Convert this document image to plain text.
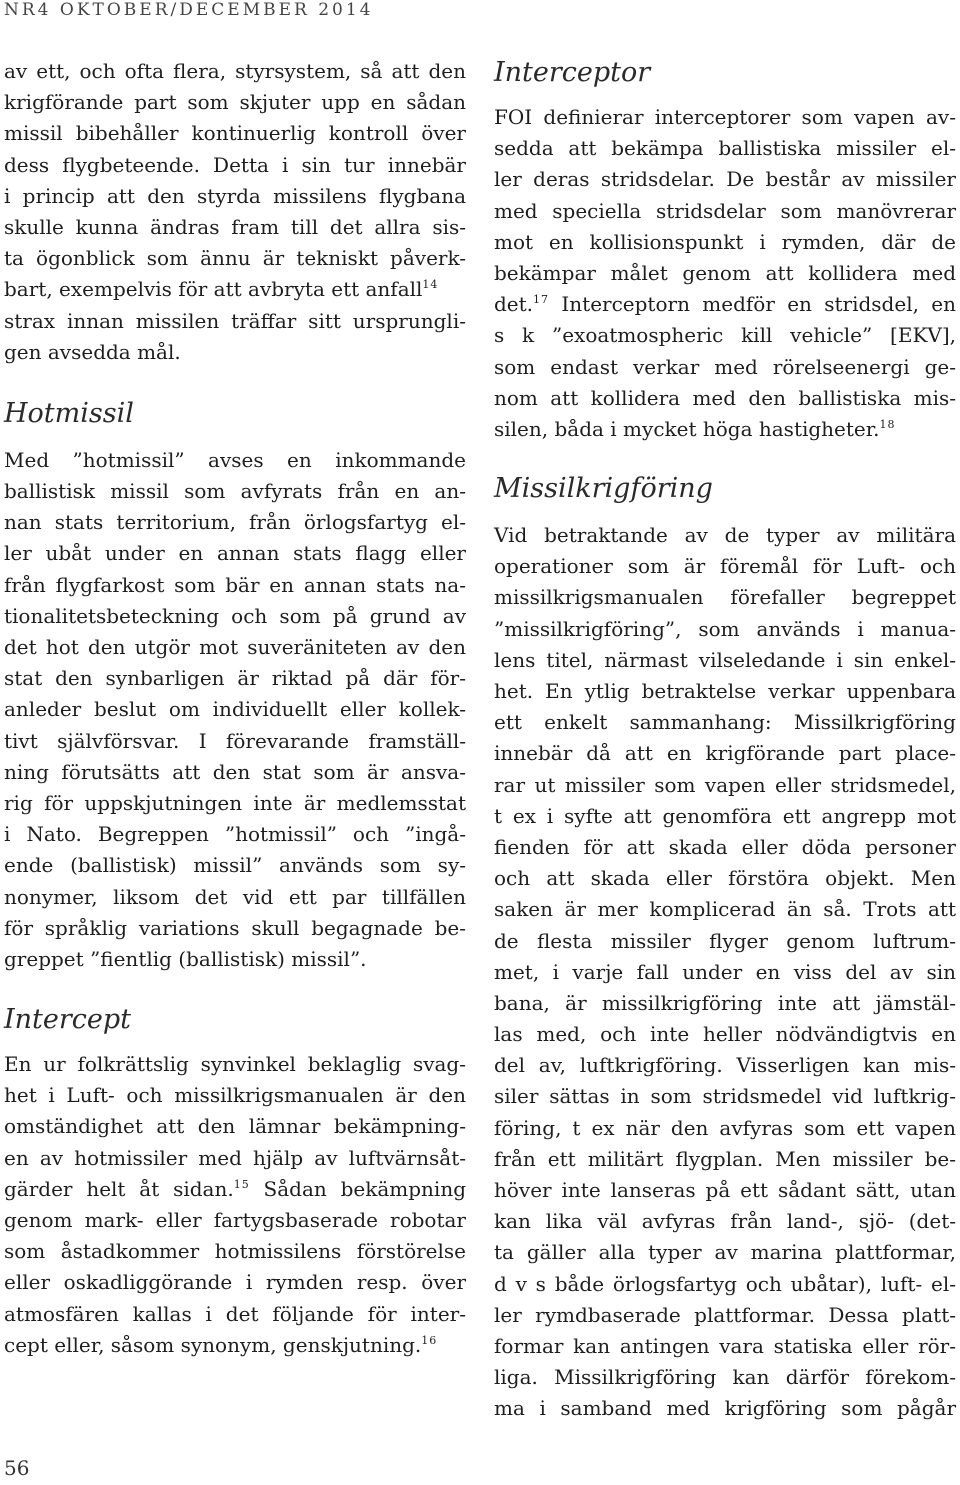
NR4 OKTOBER/DECEMBER 2014
av ett, och ofta flera, styrsystem, så att den
krigförande part som skjuter upp en sådan
missil bibehåller kontinuerlig kontroll över
dess flygbeteende. Detta i sin tur innebär
i princip att den styrda missilens flygbana
skulle kunna ändras fram till det allra sis-
ta ögonblick som ännu är tekniskt påverk-
bart, exempelvis för att avbryta ett anfall$^{14}$
strax innan missilen träffar sitt ursprungli-
gen avsedda mål.
Hotmissil
Med ”hotmissil” avses en inkommande
ballistisk missil som avfyrats från en an-
nan stats territorium, från örlogsfartyg el-
ler ubåt under en annan stats flagg eller
från flygfarkost som bär en annan stats na-
tionalitetsbeteckning och som på grund av
det hot den utgör mot suveräniteten av den
stat den synbarligen är riktad på där för-
anleder beslut om individuellt eller kollek-
tivt självförsvar. I förevarande framställ-
ning förutsätts att den stat som är ansva-
rig för uppskjutningen inte är medlemsstat
i Nato. Begreppen ”hotmissil” och ”ingå-
ende (ballistisk) missil” används som sy-
nonymer, liksom det vid ett par tillfällen
för språklig variations skull begagnade be-
greppet ”fientlig (ballistisk) missil”.
Intercept
En ur folkrättslig synvinkel beklaglig svag-
het i Luft- och missilkrigsmanualen är den
omständighet att den lämnar bekämpning-
en av hotmissiler med hjälp av luftvärnsåt-
gärder helt åt sidan.$^{15}$ Sådan bekämpning
genom mark- eller fartygsbaserade robotar
som åstadkommer hotmissilens förstörelse
eller oskadliggörande i rymden resp. över
atmosfären kallas i det följande för inter-
cept eller, såsom synonym, genskjutning.$^{16}$
Interceptor
FOI definierar interceptorer som vapen av-
sedda att bekämpa ballistiska missiler el-
ler deras stridsdelar. De består av missiler
med speciella stridsdelar som manövrerar
mot en kollisionspunkt i rymden, där de
bekämpar målet genom att kollidera med
det.$^{17}$ Interceptorn medför en stridsdel, en
s k ”exoatmospheric kill vehicle” [EKV],
som endast verkar med rörelseenergi ge-
nom att kollidera med den ballistiska mis-
silen, båda i mycket höga hastigheter.$^{18}$
Missilkrigföring
Vid betraktande av de typer av militära
operationer som är föremål för Luft- och
missilkrigsmanualen förefaller begreppet
”missilkrigföring”, som används i manua-
lens titel, närmast vilseledande i sin enkel-
het. En ytlig betraktelse verkar uppenbara
ett enkelt sammanhang: Missilkrigföring
innebär då att en krigförande part place-
rar ut missiler som vapen eller stridsmedel,
t ex i syfte att genomföra ett angrepp mot
fienden för att skada eller döda personer
och att skada eller förstöra objekt. Men
saken är mer komplicerad än så. Trots att
de flesta missiler flyger genom luftrum-
met, i varje fall under en viss del av sin
bana, är missilkrigföring inte att jämstäl-
las med, och inte heller nödvändigtvis en
del av, luftkrigföring. Visserligen kan mis-
siler sättas in som stridsmedel vid luftkrig-
föring, t ex när den avfyras som ett vapen
från ett militärt flygplan. Men missiler be-
höver inte lanseras på ett sådant sätt, utan
kan lika väl avfyras från land-, sjö- (det-
ta gäller alla typer av marina plattformar,
d v s både örlogsfartyg och ubåtar), luft- el-
ler rymdbaserade plattformar. Dessa platt-
formar kan antingen vara statiska eller rör-
liga. Missilkrigföring kan därför förekom-
ma i samband med krigföring som pågår
56
